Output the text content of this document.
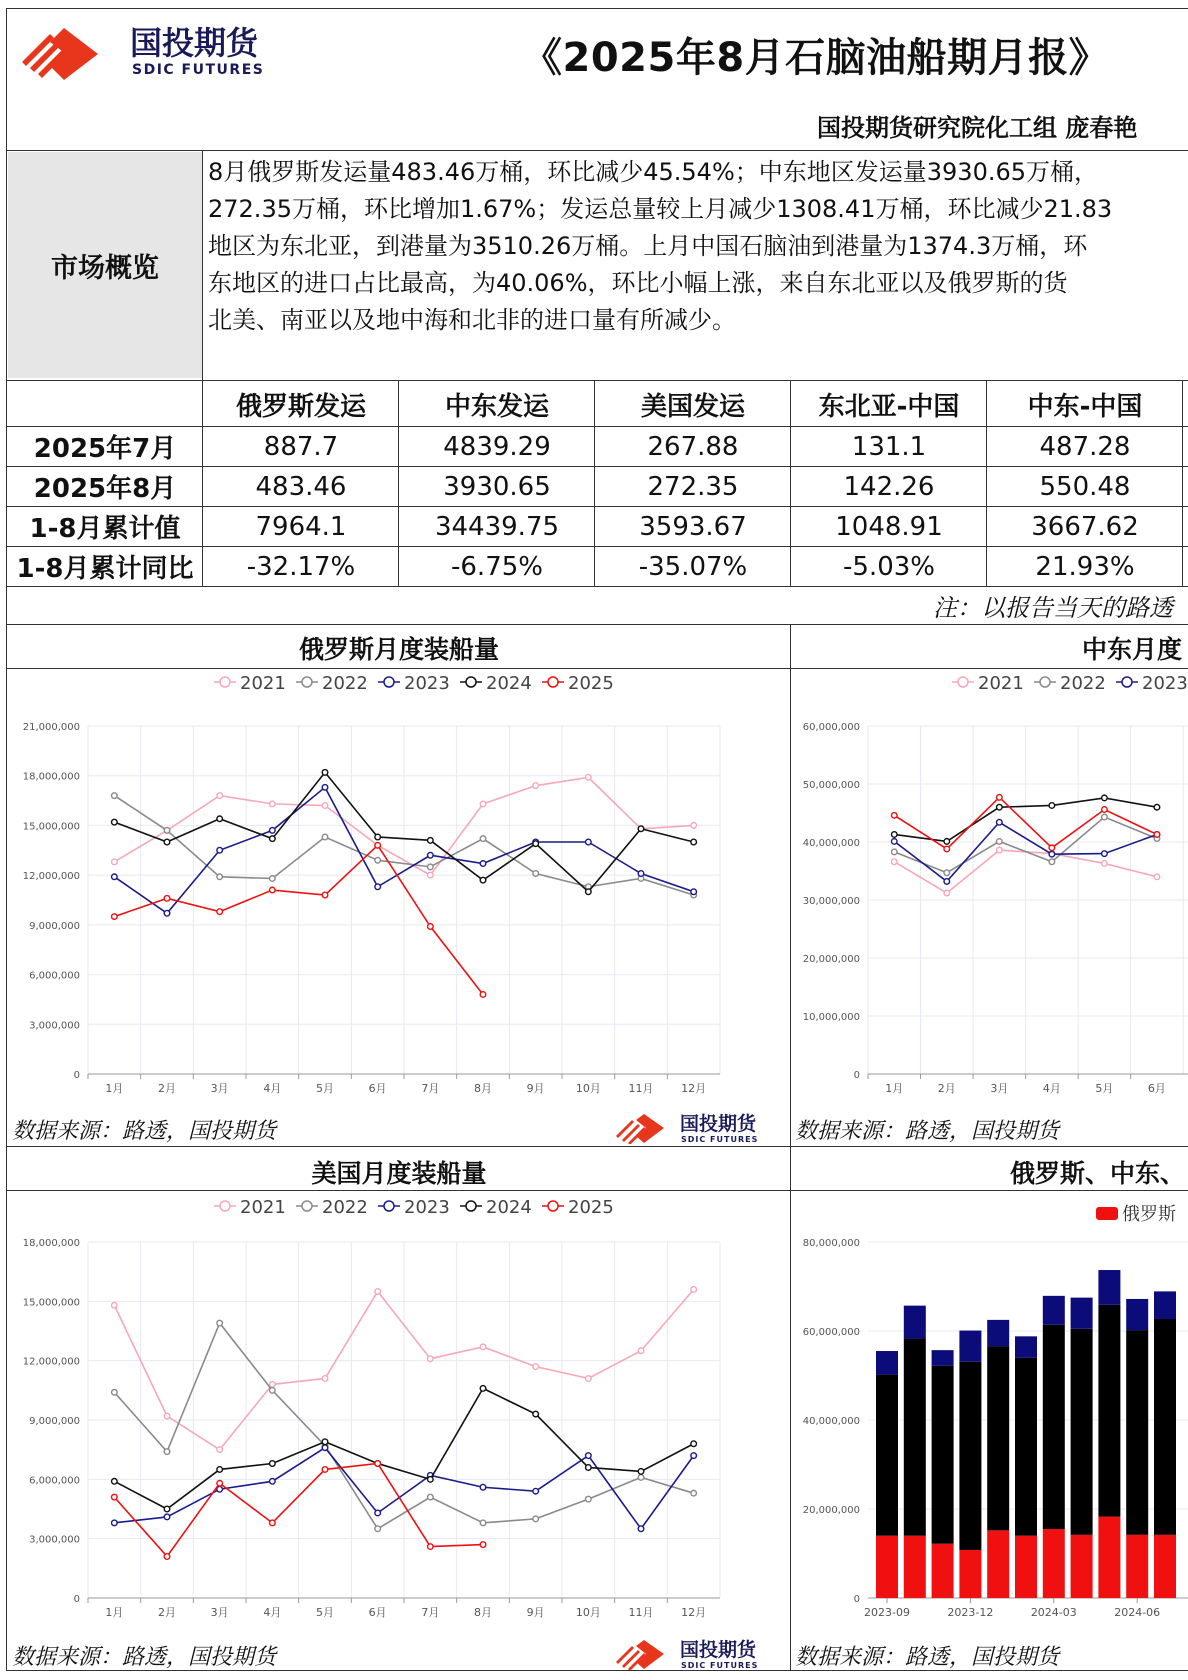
国投期货
SDIC FUTURES	《2025年8月石脑油船期月报》
国投期货研究院化工组 庞春艳
市场概览
8月俄罗斯发运量483.46万桶，环比减少45.54%；中东地区发运量3930.65万桶，
272.35万桶，环比增加1.67%；发运总量较上月减少1308.41万桶，环比减少21.83
地区为东北亚，到港量为3510.26万桶。上月中国石脑油到港量为1374.3万桶，环
东地区的进口占比最高，为40.06%，环比小幅上涨，来自东北亚以及俄罗斯的货
北美、南亚以及地中海和北非的进口量有所减少。
俄罗斯发运	中东发运	美国发运	东北亚-中国	中东-中国
2025年7月	887.7	4839.29	267.88	131.1	487.28
2025年8月	483.46	3930.65	272.35	142.26	550.48
1-8月累计值	7964.1	34439.75	3593.67	1048.91	3667.62
1-8月累计同比	-32.17%	-6.75%	-35.07%	-5.03%	21.93%
注：以报告当天的路透
俄罗斯月度装船量	中东月度
美国月度装船量	俄罗斯、中东、
2021 2022 2023 2024 2025
0
3,000,000
6,000,000
9,000,000
12,000,000
15,000,000
18,000,000
21,000,000
1月	2月	3月	4月	5月	6月	7月	8月	9月	10月	11月	12月
2021 2022 2023
0
10,000,000
20,000,000
30,000,000
40,000,000
50,000,000
60,000,000
1月	2月	3月	4月	5月	6月
2021 2022 2023 2024 2025
0
3,000,000
6,000,000
9,000,000
12,000,000
15,000,000
18,000,000
1月	2月	3月	4月	5月	6月	7月	8月	9月	10月	11月	12月
俄罗斯
0
20,000,000
40,000,000
60,000,000
80,000,000
2023-09	2023-12	2024-03	2024-06
数据来源：路透，国投期货	数据来源：路透，国投期货
数据来源：路透，国投期货	数据来源：路透，国投期货
国投期货
SDIC FUTURES
国投期货
SDIC FUTURES
